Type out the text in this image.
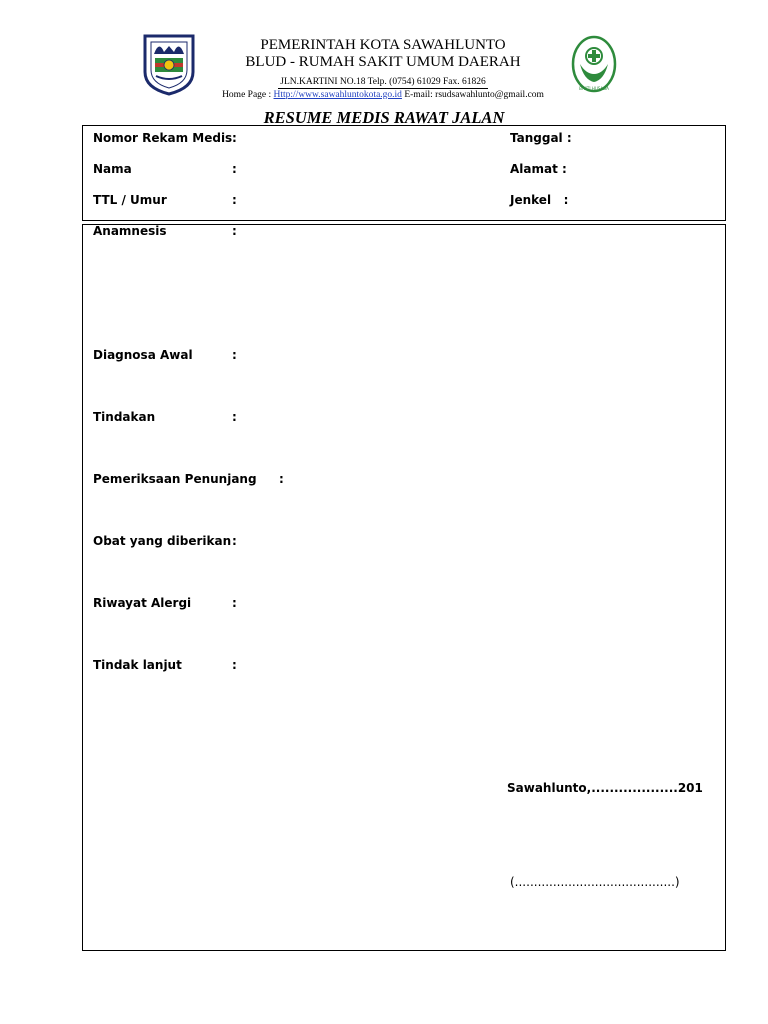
PEMERINTAH KOTA SAWAHLUNTO
BLUD - RUMAH SAKIT UMUM DAERAH
JLN.KARTINI NO.18 Telp. (0754) 61029 Fax. 61826
Home Page : Http://www.sawahluntokota.go.id E-mail: rsudsawahlunto@gmail.com
BAKTI HUSADA
RESUME MEDIS RAWAT JALAN
Nomor Rekam Medis :	Tanggal :
Nama	:	Alamat :
TTL / Umur	:	Jenkel   :
Anamnesis	:
Diagnosa Awal	:
Tindakan	:
Pemeriksaan Penunjang :
Obat yang diberikan :
Riwayat Alergi	:
Tindak lanjut	:
Sawahlunto,...................201
(..........................................)
